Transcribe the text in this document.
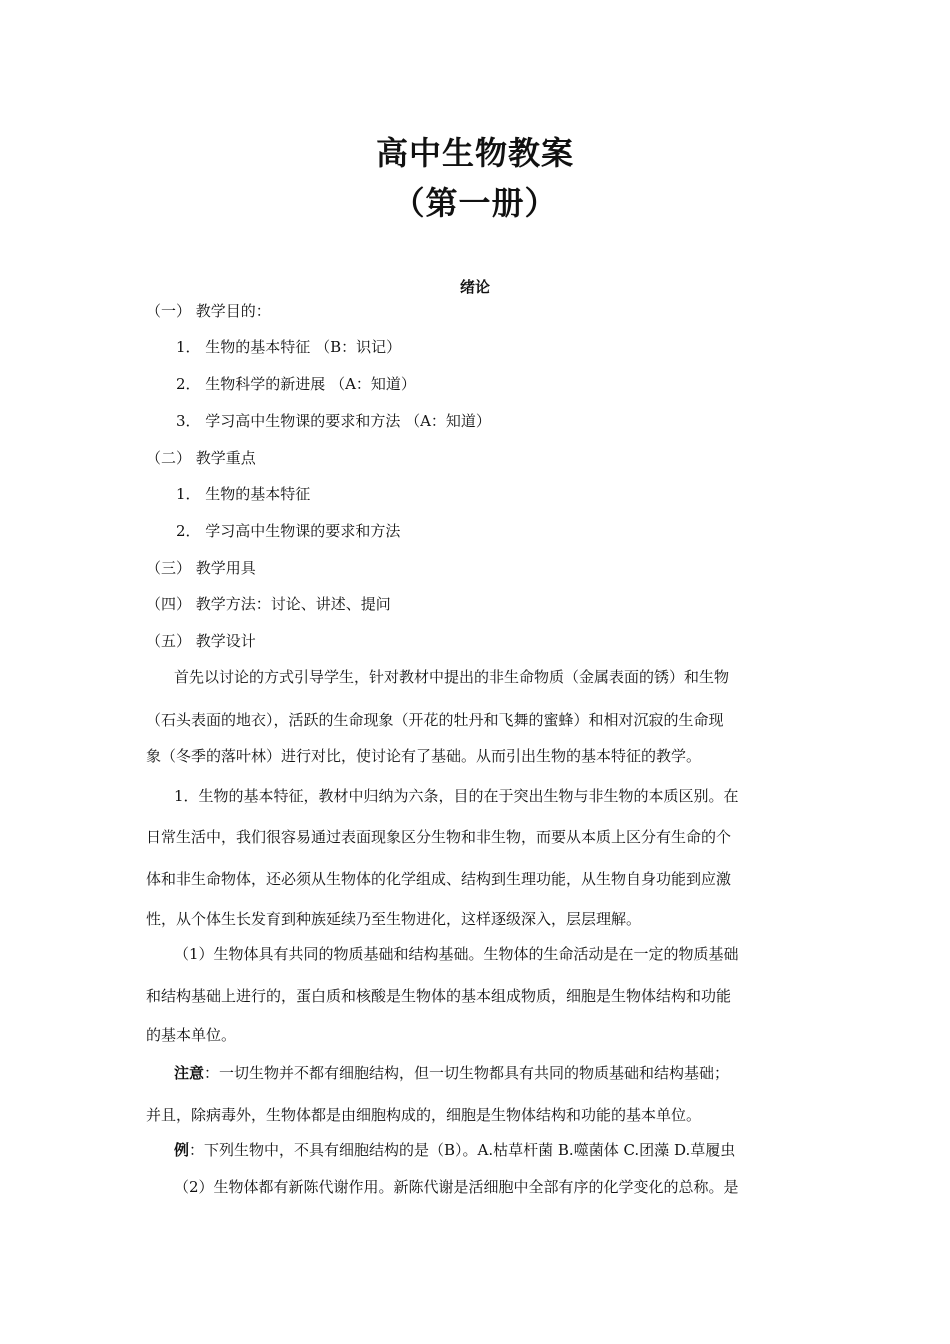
高中生物教案
（第一册）
绪论
（一） 教学目的：
1． 生物的基本特征 （B：识记）
2． 生物科学的新进展 （A：知道）
3． 学习高中生物课的要求和方法 （A：知道）
（二） 教学重点
1． 生物的基本特征
2． 学习高中生物课的要求和方法
（三） 教学用具
（四） 教学方法：讨论、讲述、提问
（五） 教学设计
首先以讨论的方式引导学生，针对教材中提出的非生命物质（金属表面的锈）和生物
（石头表面的地衣），活跃的生命现象（开花的牡丹和飞舞的蜜蜂）和相对沉寂的生命现
象（冬季的落叶林）进行对比，使讨论有了基础。从而引出生物的基本特征的教学。
1．生物的基本特征，教材中归纳为六条，目的在于突出生物与非生物的本质区别。在
日常生活中，我们很容易通过表面现象区分生物和非生物，而要从本质上区分有生命的个
体和非生命物体，还必须从生物体的化学组成、结构到生理功能，从生物自身功能到应激
性，从个体生长发育到种族延续乃至生物进化，这样逐级深入，层层理解。
（1）生物体具有共同的物质基础和结构基础。生物体的生命活动是在一定的物质基础
和结构基础上进行的，蛋白质和核酸是生物体的基本组成物质，细胞是生物体结构和功能
的基本单位。
注意：一切生物并不都有细胞结构，但一切生物都具有共同的物质基础和结构基础；
并且，除病毒外，生物体都是由细胞构成的，细胞是生物体结构和功能的基本单位。
例：下列生物中，不具有细胞结构的是（B）。A.枯草杆菌 B.噬菌体 C.团藻 D.草履虫
（2）生物体都有新陈代谢作用。新陈代谢是活细胞中全部有序的化学变化的总称。是
